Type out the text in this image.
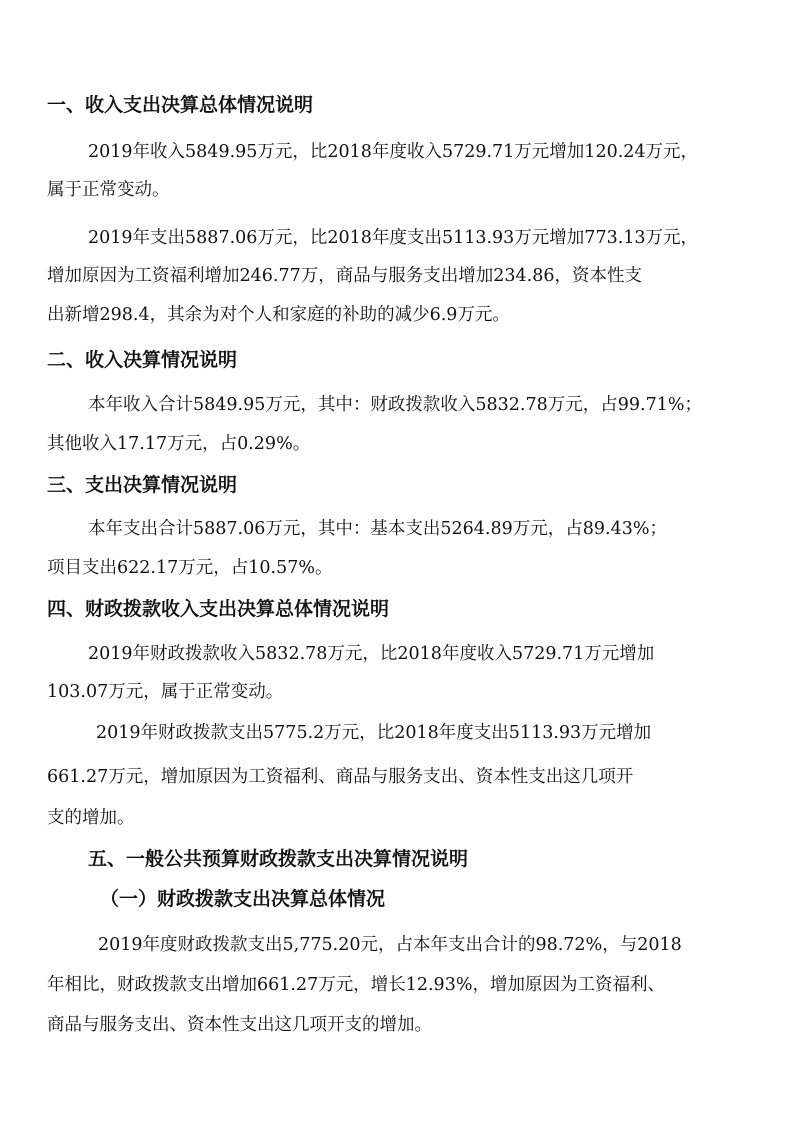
一、收入支出决算总体情况说明

2019年收入5849.95万元，比2018年度收入5729.71万元增加120.24万元，

属于正常变动。

2019年支出5887.06万元，比2018年度支出5113.93万元增加773.13万元，

增加原因为工资福利增加246.77万，商品与服务支出增加234.86，资本性支

出新增298.4，其余为对个人和家庭的补助的减少6.9万元。

二、收入决算情况说明

本年收入合计5849.95万元，其中：财政拨款收入5832.78万元，占99.71%；

其他收入17.17万元，占0.29%。

三、支出决算情况说明

本年支出合计5887.06万元，其中：基本支出5264.89万元，占89.43%；

项目支出622.17万元，占10.57%。

四、财政拨款收入支出决算总体情况说明

2019年财政拨款收入5832.78万元，比2018年度收入5729.71万元增加

103.07万元，属于正常变动。

2019年财政拨款支出5775.2万元，比2018年度支出5113.93万元增加

661.27万元，增加原因为工资福利、商品与服务支出、资本性支出这几项开

支的增加。

五、一般公共预算财政拨款支出决算情况说明
（一）财政拨款支出决算总体情况

2019年度财政拨款支出5,775.20元，占本年支出合计的98.72%，与2018

年相比，财政拨款支出增加661.27万元，增长12.93%，增加原因为工资福利、

商品与服务支出、资本性支出这几项开支的增加。
